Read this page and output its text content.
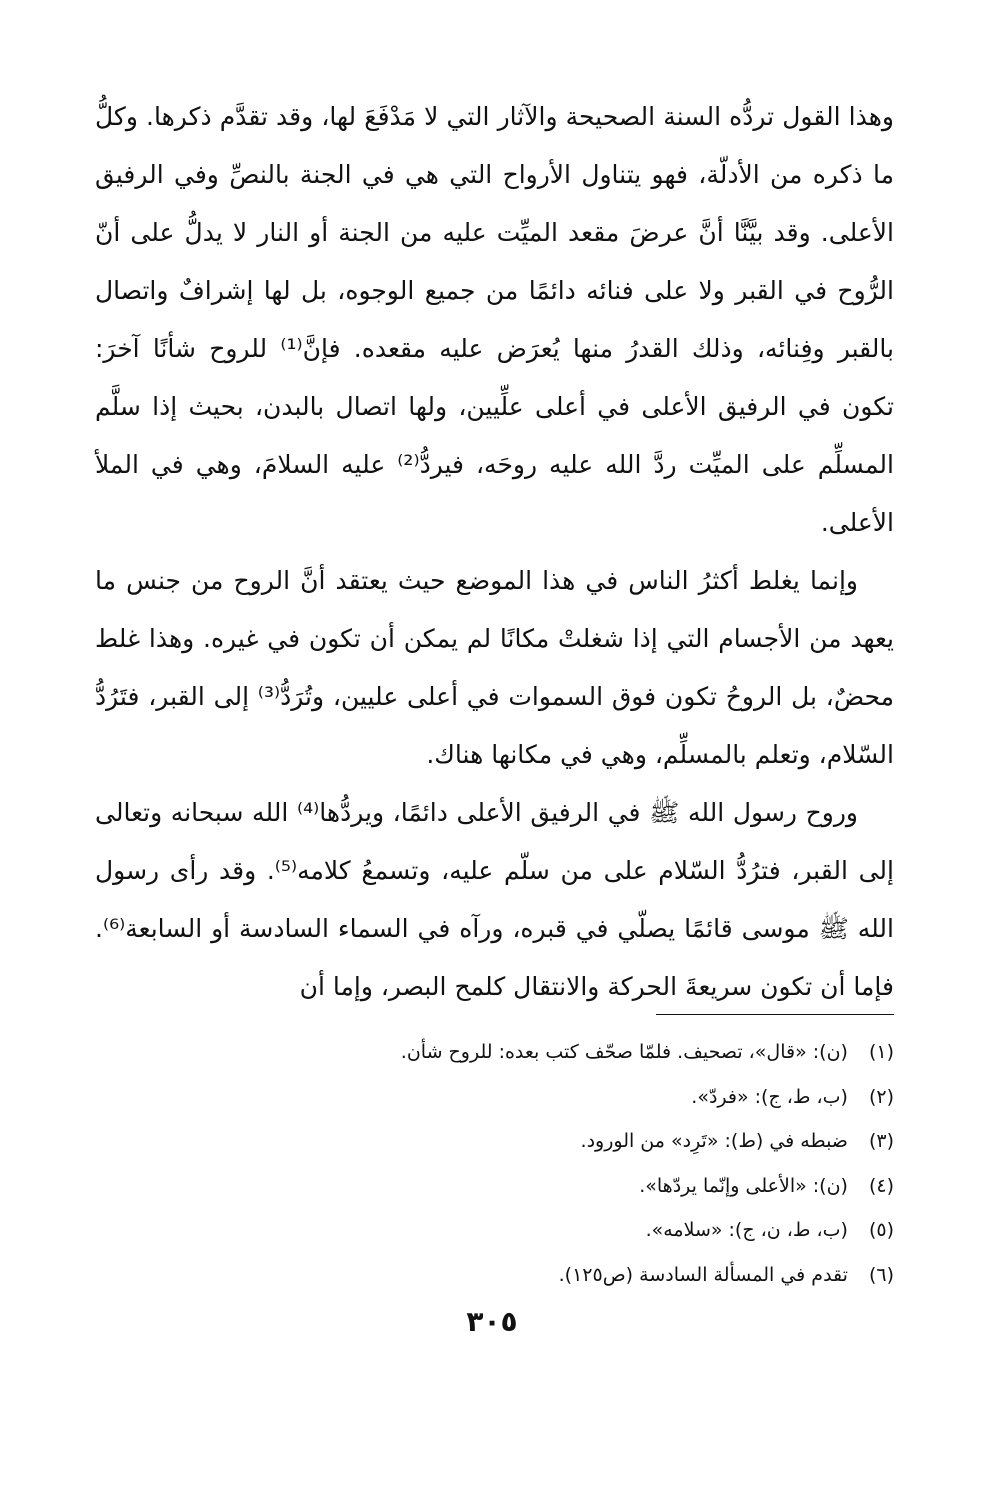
وهذا القول تردُّه السنة الصحيحة والآثار التي لا مَدْفَعَ لها، وقد تقدَّم ذكرها. وكلُّ ما ذكره من الأدلّة، فهو يتناول الأرواح التي هي في الجنة بالنصِّ وفي الرفيق الأعلى. وقد بيَّنَّا أنَّ عرضَ مقعد الميِّت عليه من الجنة أو النار لا يدلُّ على أنّ الرُّوح في القبر ولا على فنائه دائمًا من جميع الوجوه، بل لها إشرافٌ واتصال بالقبر وفِنائه، وذلك القدرُ منها يُعرَض عليه مقعده. فإنَّ⁽¹⁾ للروح شأنًا آخرَ: تكون في الرفيق الأعلى في أعلى علِّيين، ولها اتصال بالبدن، بحيث إذا سلَّم المسلِّم على الميِّت ردَّ الله عليه روحَه، فيردُّ⁽²⁾ عليه السلامَ، وهي في الملأ الأعلى.

وإنما يغلط أكثرُ الناس في هذا الموضع حيث يعتقد أنَّ الروح من جنس ما يعهد من الأجسام التي إذا شغلتْ مكانًا لم يمكن أن تكون في غيره. وهذا غلط محضٌ، بل الروحُ تكون فوق السموات في أعلى عليين، وتُرَدُّ⁽³⁾ إلى القبر، فتَرُدُّ السّلام، وتعلم بالمسلِّم، وهي في مكانها هناك.

وروح رسول الله ﷺ في الرفيق الأعلى دائمًا، ويردُّها⁽⁴⁾ الله سبحانه وتعالى إلى القبر، فترُدُّ السّلام على من سلّم عليه، وتسمعُ كلامه⁽⁵⁾. وقد رأى رسول الله ﷺ موسى قائمًا يصلّي في قبره، ورآه في السماء السادسة أو السابعة⁽⁶⁾. فإما أن تكون سريعةَ الحركة والانتقال كلمح البصر، وإما أن

(١) (ن): «قال»، تصحيف. فلمّا صحّف كتب بعده: للروح شأن.
(٢) (ب، ط، ج): «فردّ».
(٣) ضبطه في (ط): «تَرِد» من الورود.
(٤) (ن): «الأعلى وإنّما يردّها».
(٥) (ب، ط، ن، ج): «سلامه».
(٦) تقدم في المسألة السادسة (ص١٢٥).
٣٠٥
